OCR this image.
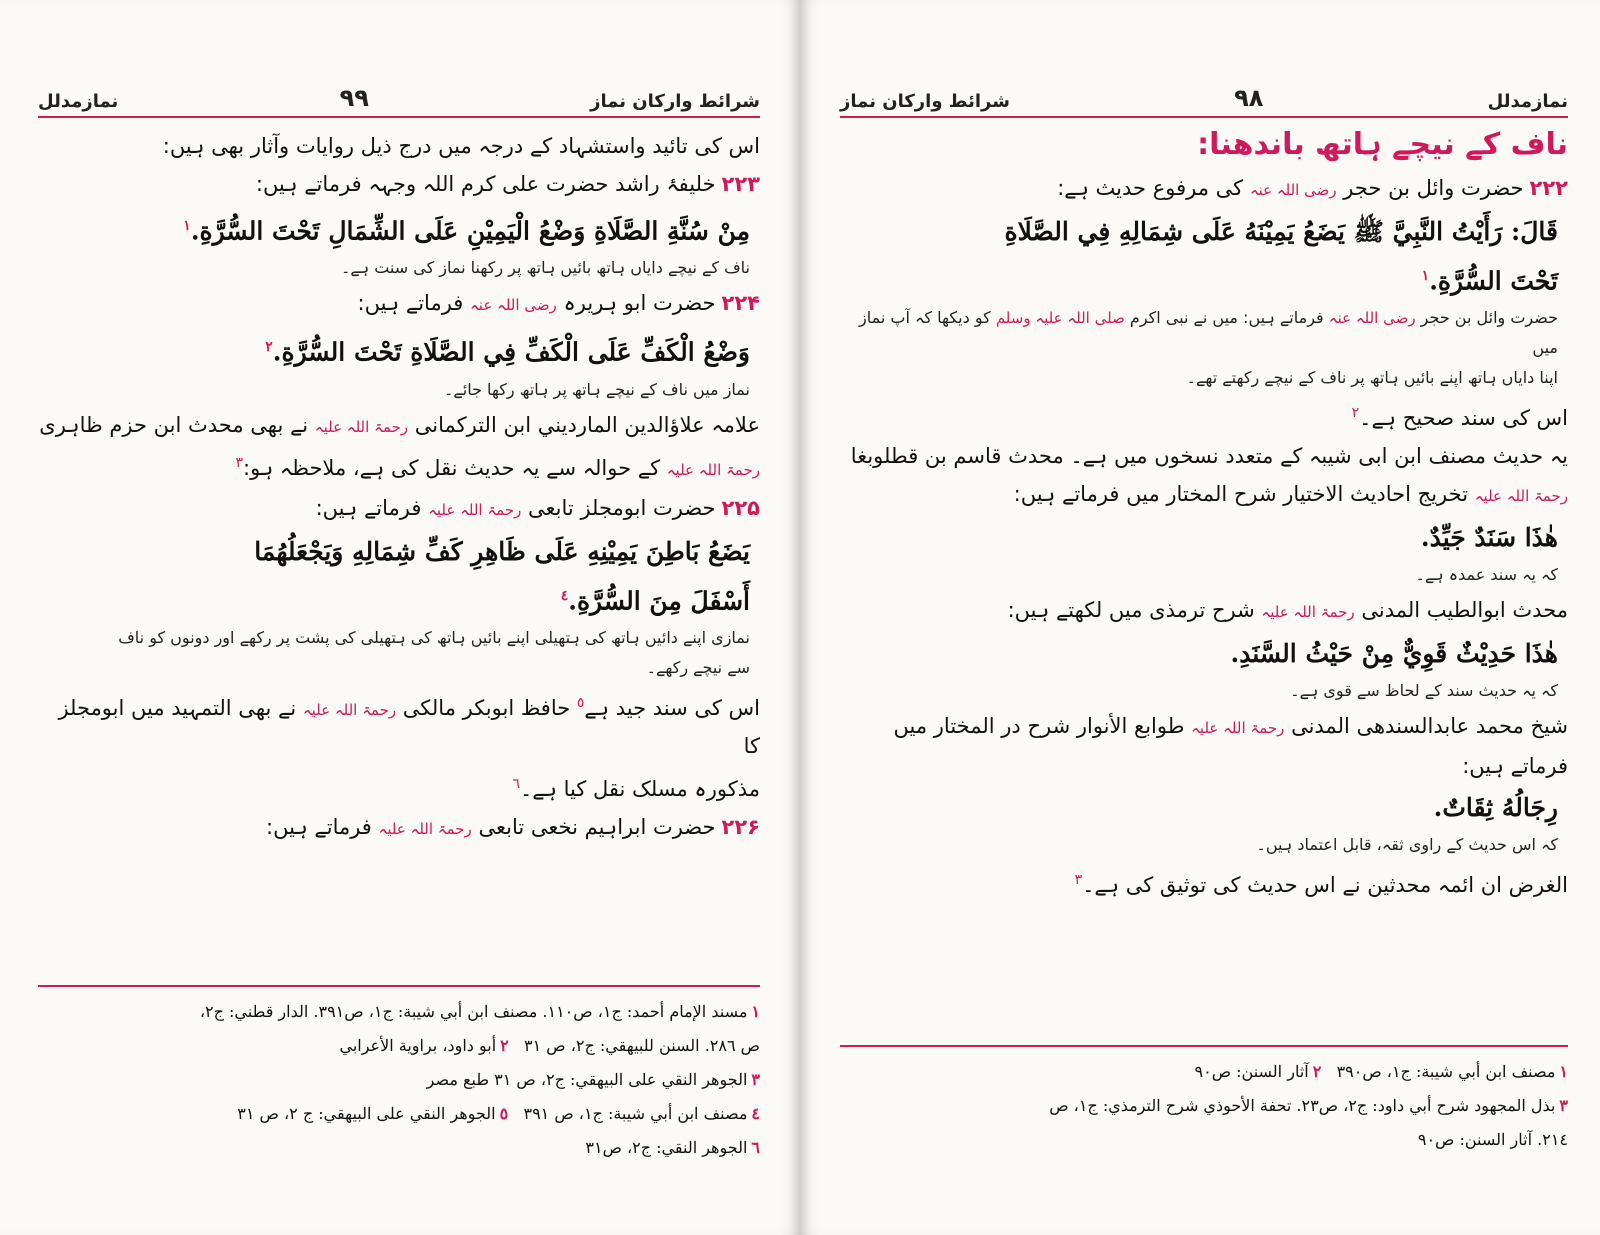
شرائط وارکان نماز
۹۹
نمازمدلل

اس کی تائید واستشہاد کے درجہ میں درج ذیل روایات وآثار بھی ہیں:

۲۲۳خلیفۂ راشد حضرت علی کرم اللہ وجہہ فرماتے ہیں:

مِنْ سُنَّةِ الصَّلَاةِ وَضْعُ الْيَمِيْنِ عَلَى الشِّمَالِ تَحْتَ السُّرَّةِ.$^١$

ناف کے نیچے دایاں ہاتھ بائیں ہاتھ پر رکھنا نماز کی سنت ہے۔

۲۲۴حضرت ابو ہریرہ رضی اللہ عنہ فرماتے ہیں:

وَضْعُ الْكَفِّ عَلَى الْكَفِّ فِي الصَّلَاةِ تَحْتَ السُّرَّةِ.$^٢$

نماز میں ناف کے نیچے ہاتھ پر ہاتھ رکھا جائے۔

علامہ علاؤالدین المارديني ابن الترکمانی رحمۃ اللہ علیہ نے بھی محدث ابن حزم ظاہری رحمۃ اللہ علیہ کے حوالہ سے یہ حدیث نقل کی ہے، ملاحظہ ہو:$^٣$

۲۲۵حضرت ابومجلز تابعی رحمۃ اللہ علیہ فرماتے ہیں:

يَضَعُ بَاطِنَ يَمِيْنِهِ عَلَى ظَاهِرِ كَفِّ شِمَالِهِ وَيَجْعَلُهُمَا

أَسْفَلَ مِنَ السُّرَّةِ.$^٤$

نمازی اپنے دائیں ہاتھ کی ہتھیلی اپنے بائیں ہاتھ کی ہتھیلی کی پشت پر رکھے اور دونوں کو ناف

سے نیچے رکھے۔

اس کی سند جید ہے$^٥$ حافظ ابوبکر مالکی رحمۃ اللہ علیہ نے بھی التمہید میں ابومجلز کا

مذکورہ مسلک نقل کیا ہے۔$^٦$

۲۲۶حضرت ابراہیم نخعی تابعی رحمۃ اللہ علیہ فرماتے ہیں:

١مسند الإمام أحمد: ج١، ص١١٠. مصنف ابن أبي شيبة: ج١، ص٣٩١. الدار قطني: ج٢،
ص ٢٨٦. السنن للبيهقي: ج٢، ص ٣١   ٢أبو داود، براوية الأعرابي
٣الجوهر النقي على البيهقي: ج٢، ص ٣١ طبع مصر
٤مصنف ابن أبي شيبة: ج١، ص ٣٩١   ٥الجوهر النقي على البيهقي: ج ٢، ص ٣١
٦الجوهر النقي: ج٢، ص٣١
نمازمدلل
۹۸
شرائط وارکان نماز

ناف کے نیچے ہاتھ باندھنا:

۲۲۲حضرت وائل بن حجر رضی اللہ عنہ کی مرفوع حدیث ہے:

قَالَ: رَأَيْتُ النَّبِيَّ ﷺ يَضَعُ يَمِيْنَهُ عَلَى شِمَالِهِ فِي الصَّلَاةِ

تَحْتَ السُّرَّةِ.$^١$

حضرت وائل بن حجر رضی اللہ عنہ فرماتے ہیں: میں نے نبی اکرم صلی اللہ علیہ وسلم کو دیکھا کہ آپ نماز میں

اپنا دایاں ہاتھ اپنے بائیں ہاتھ پر ناف کے نیچے رکھتے تھے۔

اس کی سند صحیح ہے۔$^٢$

یہ حدیث مصنف ابن ابی شیبہ کے متعدد نسخوں میں ہے۔ محدث قاسم بن قطلوبغا

رحمۃ اللہ علیہ تخریج احادیث الاختیار شرح المختار میں فرماتے ہیں:

هٰذَا سَنَدٌ جَيِّدٌ.

کہ یہ سند عمدہ ہے۔

محدث ابوالطیب المدنی رحمۃ اللہ علیہ شرح ترمذی میں لکھتے ہیں:

هٰذَا حَدِيْثٌ قَوِيٌّ مِنْ حَيْثُ السَّنَدِ.

کہ یہ حدیث سند کے لحاظ سے قوی ہے۔

شیخ محمد عابدالسندھی المدنی رحمۃ اللہ علیہ طوابع الأنوار شرح در المختار میں

فرماتے ہیں:

رِجَالُهُ ثِقَاتٌ.

کہ اس حدیث کے راوی ثقہ، قابل اعتماد ہیں۔

الغرض ان ائمہ محدثین نے اس حدیث کی توثیق کی ہے۔$^٣$

١مصنف ابن أبي شيبة: ج١، ص٣٩٠   ٢آثار السنن: ص٩٠
٣بذل المجهود شرح أبي داود: ج٢، ص٢٣. تحفة الأحوذي شرح الترمذي: ج١، ص
٢١٤. آثار السنن: ص٩٠
